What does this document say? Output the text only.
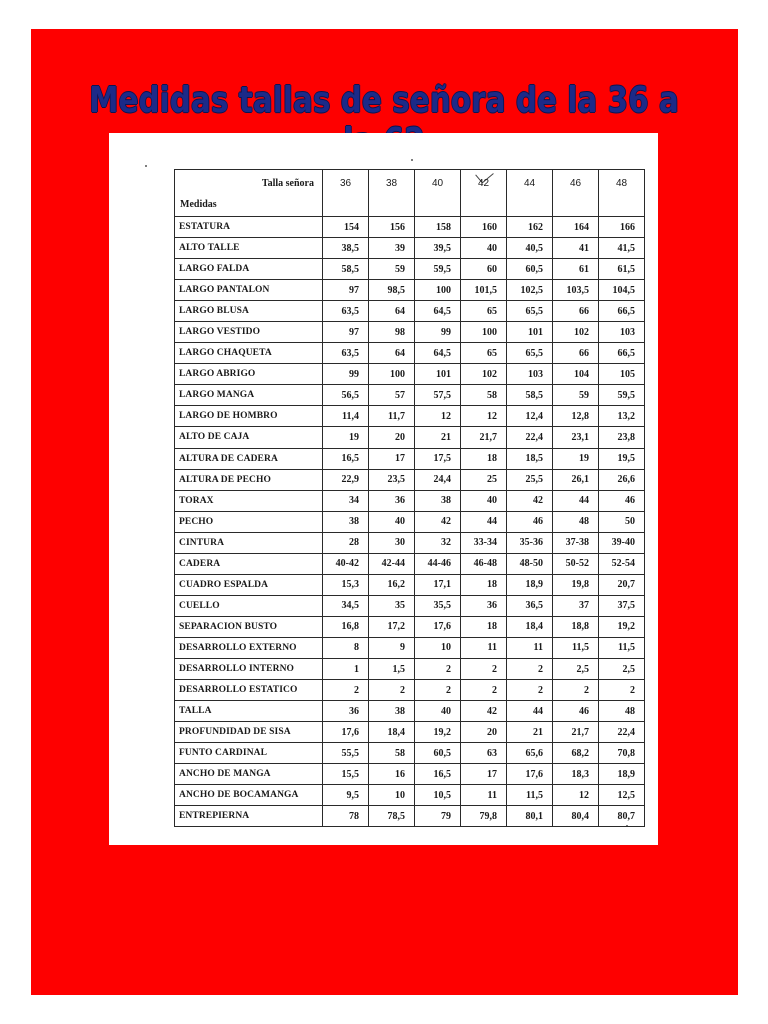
Medidas tallas de señora de la 36 a
Talla señora
Medidas	36	38	40	42	44	46	48
ESTATURA	154	156	158	160	162	164	166
ALTO TALLE	38,5	39	39,5	40	40,5	41	41,5
LARGO FALDA	58,5	59	59,5	60	60,5	61	61,5
LARGO PANTALON	97	98,5	100	101,5	102,5	103,5	104,5
LARGO BLUSA	63,5	64	64,5	65	65,5	66	66,5
LARGO VESTIDO	97	98	99	100	101	102	103
LARGO CHAQUETA	63,5	64	64,5	65	65,5	66	66,5
LARGO ABRIGO	99	100	101	102	103	104	105
LARGO MANGA	56,5	57	57,5	58	58,5	59	59,5
LARGO DE HOMBRO	11,4	11,7	12	12	12,4	12,8	13,2
ALTO DE CAJA	19	20	21	21,7	22,4	23,1	23,8
ALTURA DE CADERA	16,5	17	17,5	18	18,5	19	19,5
ALTURA DE PECHO	22,9	23,5	24,4	25	25,5	26,1	26,6
TORAX	34	36	38	40	42	44	46
PECHO	38	40	42	44	46	48	50
CINTURA	28	30	32	33-34	35-36	37-38	39-40
CADERA	40-42	42-44	44-46	46-48	48-50	50-52	52-54
CUADRO ESPALDA	15,3	16,2	17,1	18	18,9	19,8	20,7
CUELLO	34,5	35	35,5	36	36,5	37	37,5
SEPARACION BUSTO	16,8	17,2	17,6	18	18,4	18,8	19,2
DESARROLLO EXTERNO	8	9	10	11	11	11,5	11,5
DESARROLLO INTERNO	1	1,5	2	2	2	2,5	2,5
DESARROLLO ESTATICO	2	2	2	2	2	2	2
TALLA	36	38	40	42	44	46	48
PROFUNDIDAD DE SISA	17,6	18,4	19,2	20	21	21,7	22,4
FUNTO CARDINAL	55,5	58	60,5	63	65,6	68,2	70,8
ANCHO DE MANGA	15,5	16	16,5	17	17,6	18,3	18,9
ANCHO DE BOCAMANGA	9,5	10	10,5	11	11,5	12	12,5
ENTREPIERNA	78	78,5	79	79,8	80,1	80,4	80,7
